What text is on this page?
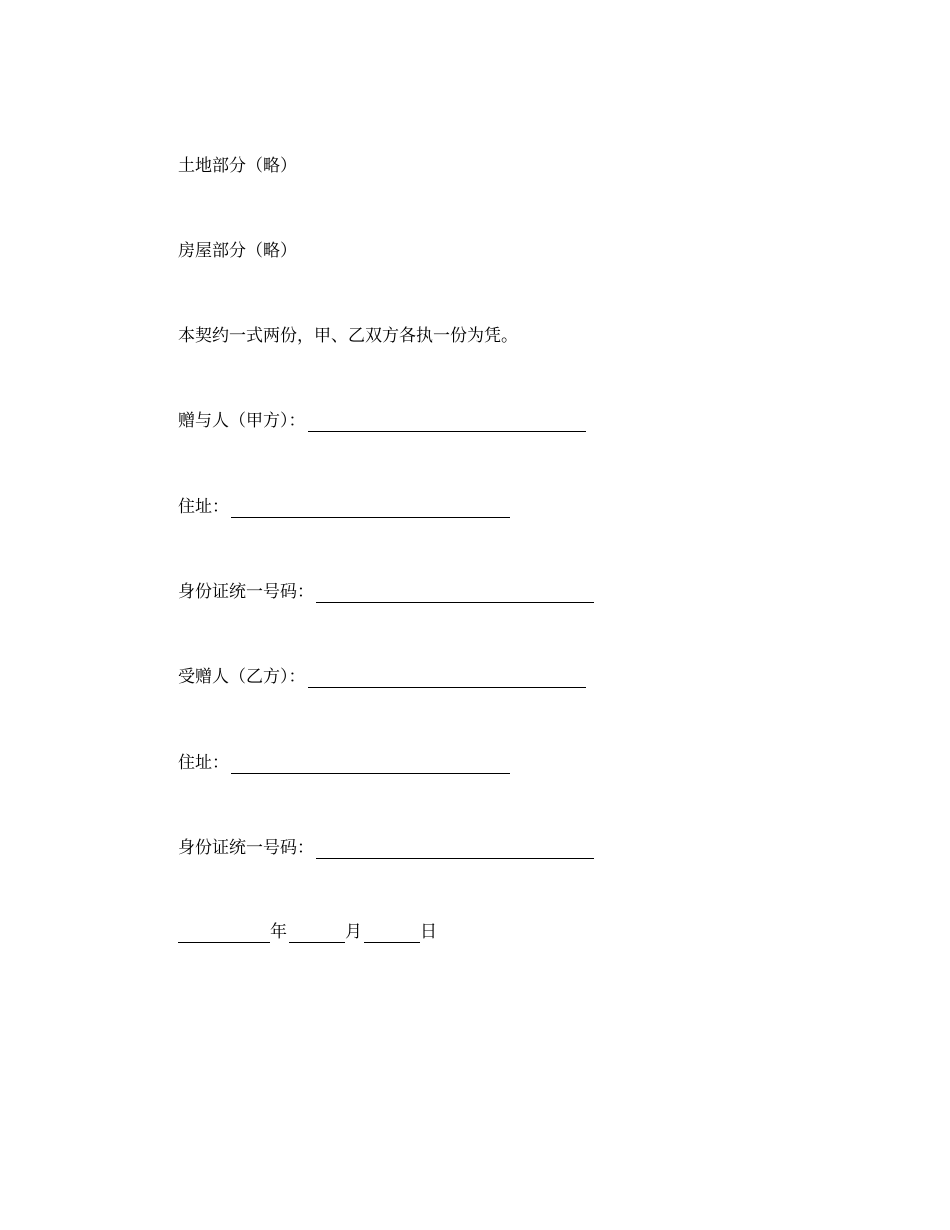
土地部分（略）
房屋部分（略）
本契约一式两份，甲、乙双方各执一份为凭。
赠与人（甲方）：
住址：
身份证统一号码：
受赠人（乙方）：
住址：
身份证统一号码：
年	月	日
